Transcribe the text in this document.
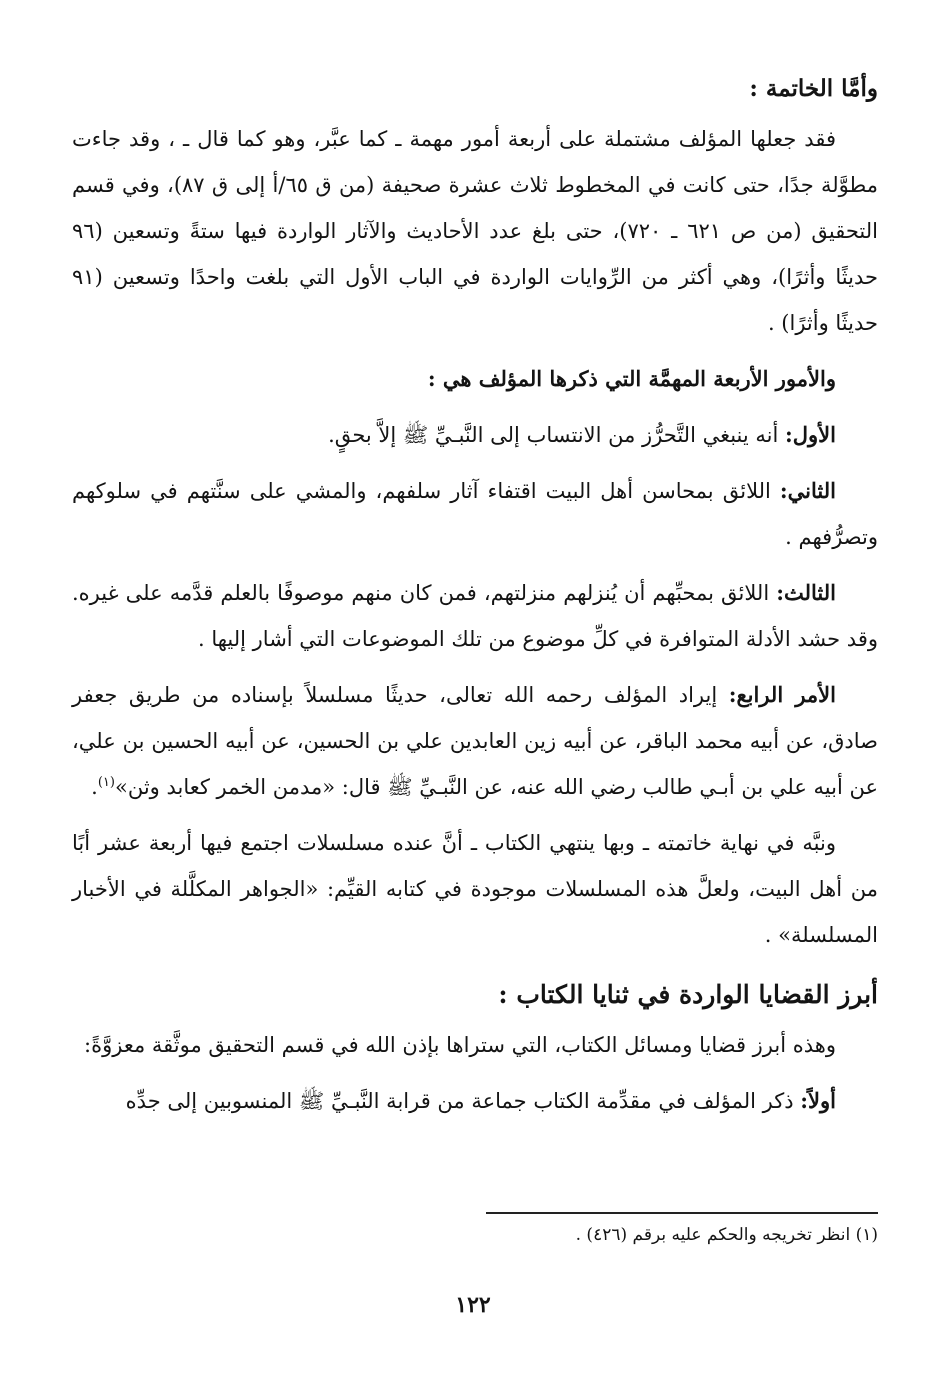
وأمَّا الخاتمة :

فقد جعلها المؤلف مشتملة على أربعة أمور مهمة ـ كما عبَّر، وهو كما قال ـ ، وقد جاءت مطوَّلة جدًا، حتى كانت في المخطوط ثلاث عشرة صحيفة (من ق ٦٥/أ إلى ق ٨٧)، وفي قسم التحقيق (من ص ٦٢١ ـ ٧٢٠)، حتى بلغ عدد الأحاديث والآثار الواردة فيها ستةً وتسعين (٩٦ حديثًا وأثرًا)، وهي أكثر من الرِّوايات الواردة في الباب الأول التي بلغت واحدًا وتسعين (٩١ حديثًا وأثرًا) .

والأمور الأربعة المهمَّة التي ذكرها المؤلف هي :

الأول: أنه ينبغي التَّحرُّز من الانتساب إلى النَّبـيِّ ﷺ إلاَّ بحقٍ.

الثاني: اللائق بمحاسن أهل البيت اقتفاء آثار سلفهم، والمشي على سنَّتهم في سلوكهم وتصرُّفهم .

الثالث: اللائق بمحبِّهم أن يُنزلهم منزلتهم، فمن كان منهم موصوفًا بالعلم قدَّمه على غيره. وقد حشد الأدلة المتوافرة في كلِّ موضوع من تلك الموضوعات التي أشار إليها .

الأمر الرابع: إيراد المؤلف رحمه الله تعالى، حديثًا مسلسلاً بإسناده من طريق جعفر صادق، عن أبيه محمد الباقر، عن أبيه زين العابدين علي بن الحسين، عن أبيه الحسين بن علي، عن أبيه علي بن أبـي طالب رضي الله عنه، عن النَّبـيِّ ﷺ قال: «مدمن الخمر كعابد وثن»$^{(١)}$.

ونبَّه في نهاية خاتمته ـ وبها ينتهي الكتاب ـ أنَّ عنده مسلسلات اجتمع فيها أربعة عشر أبًا من أهل البيت، ولعلَّ هذه المسلسلات موجودة في كتابه القيِّم: «الجواهر المكلَّلة في الأخبار المسلسلة» .

أبرز القضايا الواردة في ثنايا الكتاب :

وهذه أبرز قضايا ومسائل الكتاب، التي ستراها بإذن الله في قسم التحقيق موثَّقة معزوَّةً:

أولاً: ذكر المؤلف في مقدِّمة الكتاب جماعة من قرابة النَّبـيِّ ﷺ المنسوبين إلى جدِّه

(١) انظر تخريجه والحكم عليه برقم (٤٢٦) .
١٢٢
